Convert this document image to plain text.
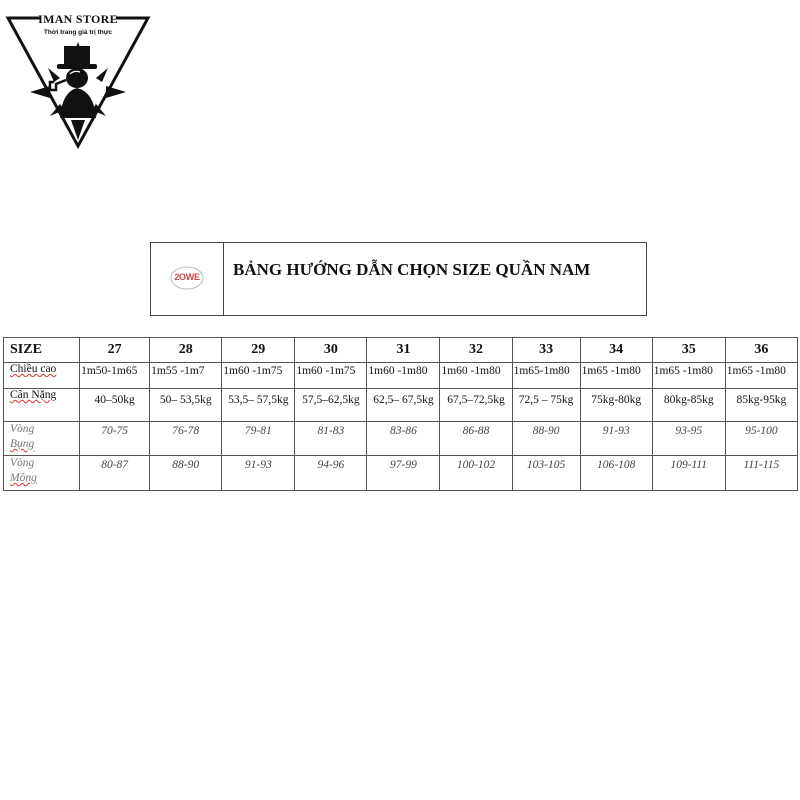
IMAN STORE
Thời trang giá trị thực
2OWE BẢNG HƯỚNG DẪN CHỌN SIZE QUẦN NAM
SIZE	27	28	29	30	31	32	33	34	35	36
Chiều cao	1m50-1m65	1m55 -1m7	1m60 -1m75	1m60 -1m75	1m60 -1m80	1m60 -1m80	1m65-1m80	1m65 -1m80	1m65 -1m80	1m65 -1m80

Cân Nặng	40–50kg	50– 53,5kg	53,5– 57,5kg	57,5–62,5kg	62,5– 67,5kg	67,5–72,5kg	72,5 – 75kg	75kg-80kg	80kg-85kg	85kg-95kg

Vòng
Bụng	70-75	76-78	79-81	81-83	83-86	86-88	88-90	91-93	93-95	95-100

Vòng
Mông	80-87	88-90	91-93	94-96	97-99	100-102	103-105	106-108	109-111	111-115
